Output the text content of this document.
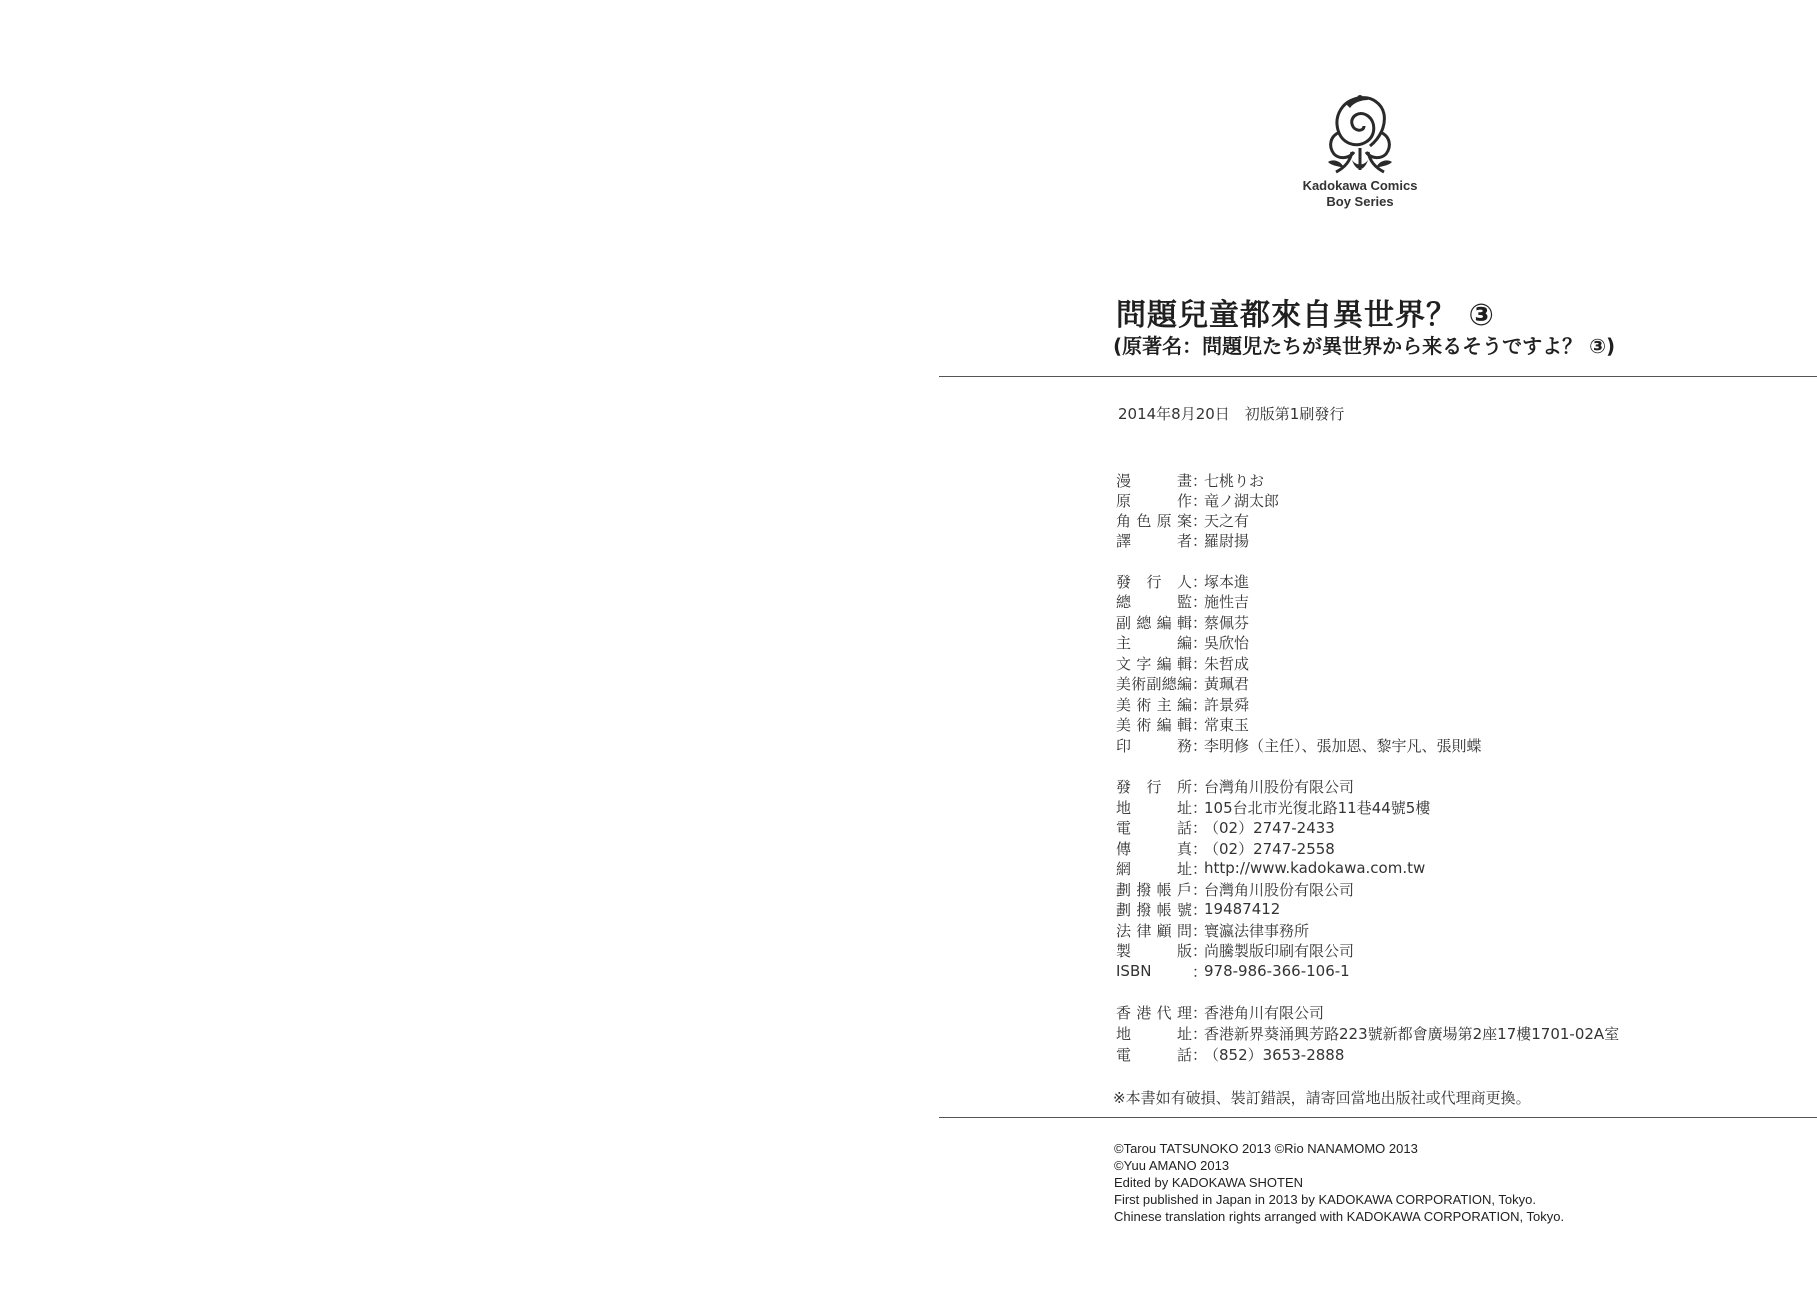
Kadokawa Comics
Boy Series
問題兒童都來自異世界？ ③
(原著名：問題児たちが異世界から来るそうですよ？ ③)
2014年8月20日　初版第1刷發行
漫畫 ：
七桃りお
原作 ：
竜ノ湖太郎
角色原案 ：
天之有
譯者 ：
羅尉揚
發行人 ：
塚本進
總監 ：
施性吉
副總編輯 ：
蔡佩芬
主編 ：
吳欣怡
文字編輯 ：
朱哲成
美術副總編 ：
黃珮君
美術主編 ：
許景舜
美術編輯 ：
常東玉
印務 ：
李明修（主任）、張加恩、黎宇凡、張則蝶
發行所 ：
台灣角川股份有限公司
地址 ：
105台北市光復北路11巷44號5樓
電話 ：
（02）2747-2433
傳真 ：
（02）2747-2558
網址 ：
http://www.kadokawa.com.tw
劃撥帳戶 ：
台灣角川股份有限公司
劃撥帳號 ：
19487412
法律顧問 ：
寰瀛法律事務所
製版 ：
尚騰製版印刷有限公司
ISBN	：
978-986-366-106-1
香港代理 ：
香港角川有限公司
地址 ：
香港新界葵涌興芳路223號新都會廣場第2座17樓1701-02A室
電話 ：
（852）3653-2888
※本書如有破損、裝訂錯誤，請寄回當地出版社或代理商更換。
©Tarou TATSUNOKO 2013 ©Rio NANAMOMO 2013
©Yuu AMANO 2013
Edited by KADOKAWA SHOTEN
First published in Japan in 2013 by KADOKAWA CORPORATION, Tokyo.
Chinese translation rights arranged with KADOKAWA CORPORATION, Tokyo.
